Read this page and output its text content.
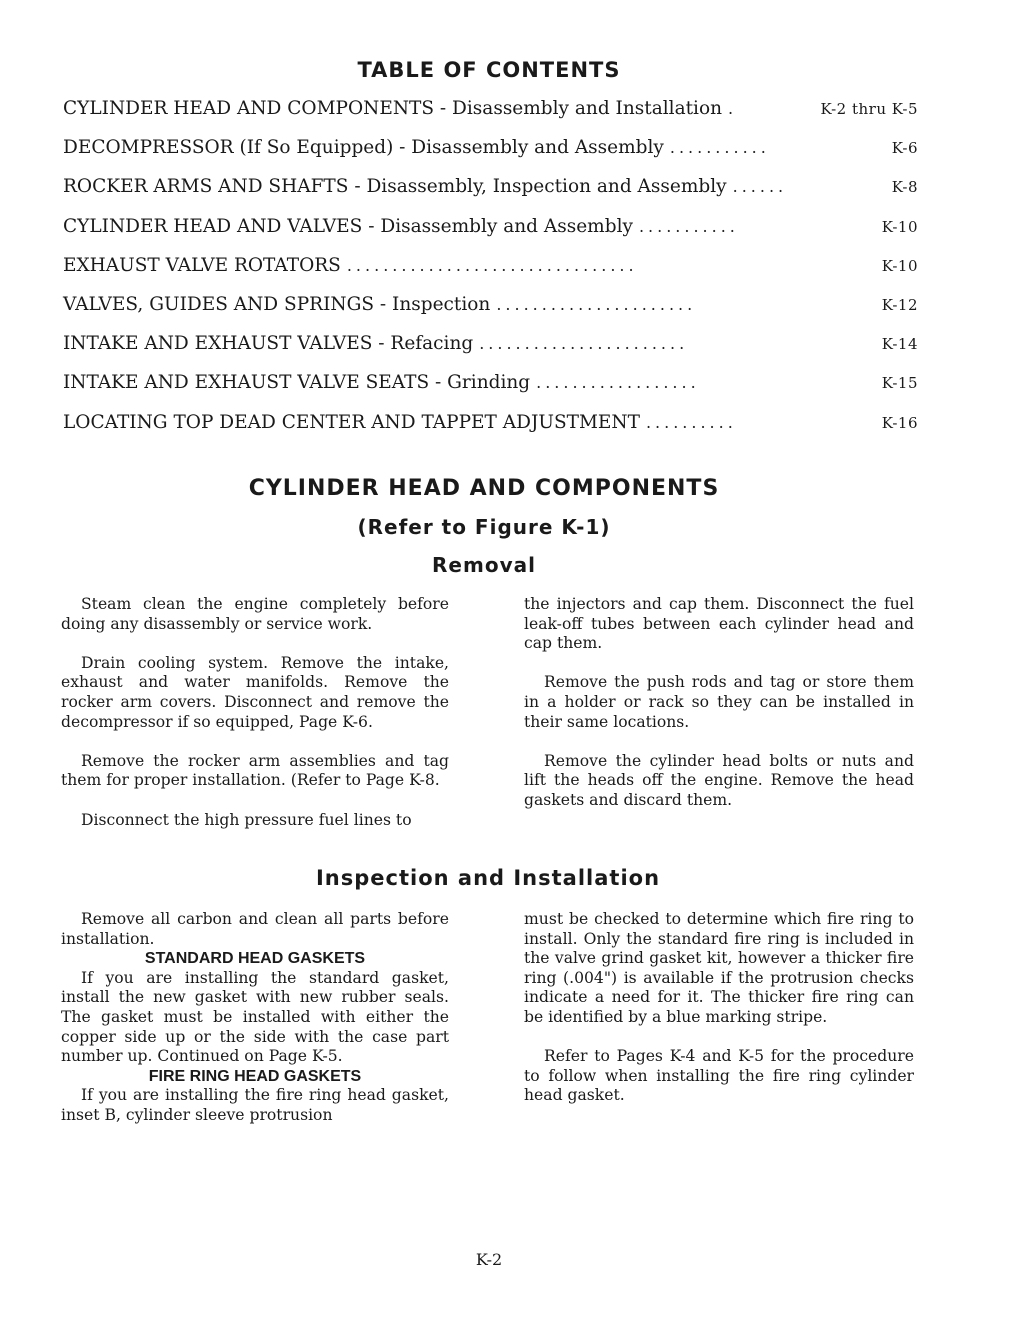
TABLE OF CONTENTS
CYLINDER HEAD AND COMPONENTS - Disassembly and Installation .	K-2 thru K-5
DECOMPRESSOR (If So Equipped) - Disassembly and Assembly ...........	K-6
ROCKER ARMS AND SHAFTS - Disassembly, Inspection and Assembly ......	K-8
CYLINDER HEAD AND VALVES - Disassembly and Assembly ...........	K-10
EXHAUST VALVE ROTATORS ................................	K-10
VALVES, GUIDES AND SPRINGS - Inspection ......................	K-12
INTAKE AND EXHAUST VALVES - Refacing .......................	K-14
INTAKE AND EXHAUST VALVE SEATS - Grinding ..................	K-15
LOCATING TOP DEAD CENTER AND TAPPET ADJUSTMENT ..........	K-16
CYLINDER HEAD AND COMPONENTS
(Refer to Figure K-1)
Removal

Steam clean the engine completely before doing any disassembly or service work.

Drain cooling system. Remove the intake, exhaust and water manifolds. Remove the rocker arm covers. Disconnect and remove the decompressor if so equipped, Page K-6.

Remove the rocker arm assemblies and tag them for proper installation. (Refer to Page K-8.

Disconnect the high pressure fuel lines to

the injectors and cap them. Disconnect the fuel leak-off tubes between each cylinder head and cap them.

Remove the push rods and tag or store them in a holder or rack so they can be installed in their same locations.

Remove the cylinder head bolts or nuts and lift the heads off the engine. Remove the head gaskets and discard them.

Inspection and Installation

Remove all carbon and clean all parts before installation.

STANDARD HEAD GASKETS

If you are installing the standard gasket, install the new gasket with new rubber seals. The gasket must be installed with either the copper side up or the side with the case part number up. Continued on Page K-5.

FIRE RING HEAD GASKETS

If you are installing the fire ring head gasket, inset B, cylinder sleeve protrusion

must be checked to determine which fire ring to install. Only the standard fire ring is included in the valve grind gasket kit, however a thicker fire ring (.004") is available if the protrusion checks indicate a need for it. The thicker fire ring can be identified by a blue marking stripe.

Refer to Pages K-4 and K-5 for the procedure to follow when installing the fire ring cylinder head gasket.

K-2
